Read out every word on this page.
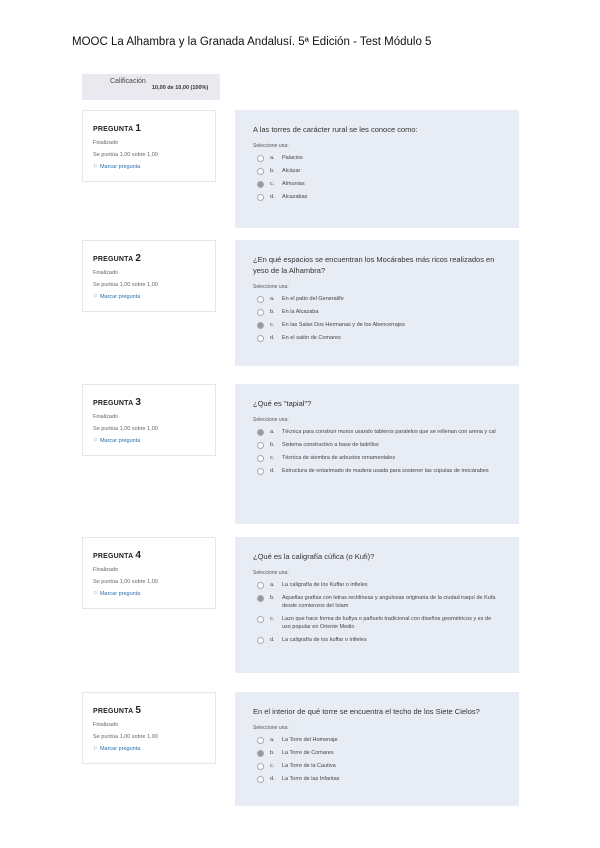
MOOC La Alhambra y la Granada Andalusí. 5ª Edición - Test Módulo 5
Calificación
10,00 de 10,00 (100%)
PREGUNTA 1
Finalizado
Se puntúa 1,00 sobre 1,00
⚐ Marcar pregunta
A las torres de carácter rural se les conoce como:
Seleccione una:
a.	Palacios
b.	Alcázar
c.	Almunias
d.	Alcazabas
PREGUNTA 2
Finalizado
Se puntúa 1,00 sobre 1,00
⚐ Marcar pregunta
¿En qué espacios se encuentran los Mocárabes más ricos realizados en yeso de la Alhambra?
Seleccione una:
a.	En el patio del Generalife
b.	En la Alcazaba
c.	En las Salas Dos Hermanas y de los Abencerrajes
d.	En el salón de Comares
PREGUNTA 3
Finalizado
Se puntúa 1,00 sobre 1,00
⚐ Marcar pregunta
¿Qué es "tapial"?
Seleccione una:
a.	Técnica para construir muros usando tableros paralelos que se rellenan con arena y cal
b.	Sistema constructivo a base de ladrillos
c.	Técnica de siembra de arbustos ornamentales
d.	Estructura de entarimado de madera usada para sostener las cúpulas de mocárabes
PREGUNTA 4
Finalizado
Se puntúa 1,00 sobre 1,00
⚐ Marcar pregunta
¿Qué es la caligrafía cúfica (o Kufi)?
Seleccione una:
a.	La caligrafía de los Kuffar o infieles
b.	Aquellas grafías con letras rectilíneas y angulosas originaria de la ciudad iraquí de Kufa desde comienzos del Islam
c.	Lazo que hace forma de kufiya o pañuelo tradicional con diseños geométricos y es de uso popular en Oriente Medio
d.	La caligrafía de los kuffar o infieles
PREGUNTA 5
Finalizado
Se puntúa 1,00 sobre 1,00
⚐ Marcar pregunta
En el interior de qué torre se encuentra el techo de los Siete Cielos?
Seleccione una:
a.	La Torre del Homenaje
b.	La Torre de Comares
c.	La Torre de la Cautiva
d.	La Torre de las Infantas
